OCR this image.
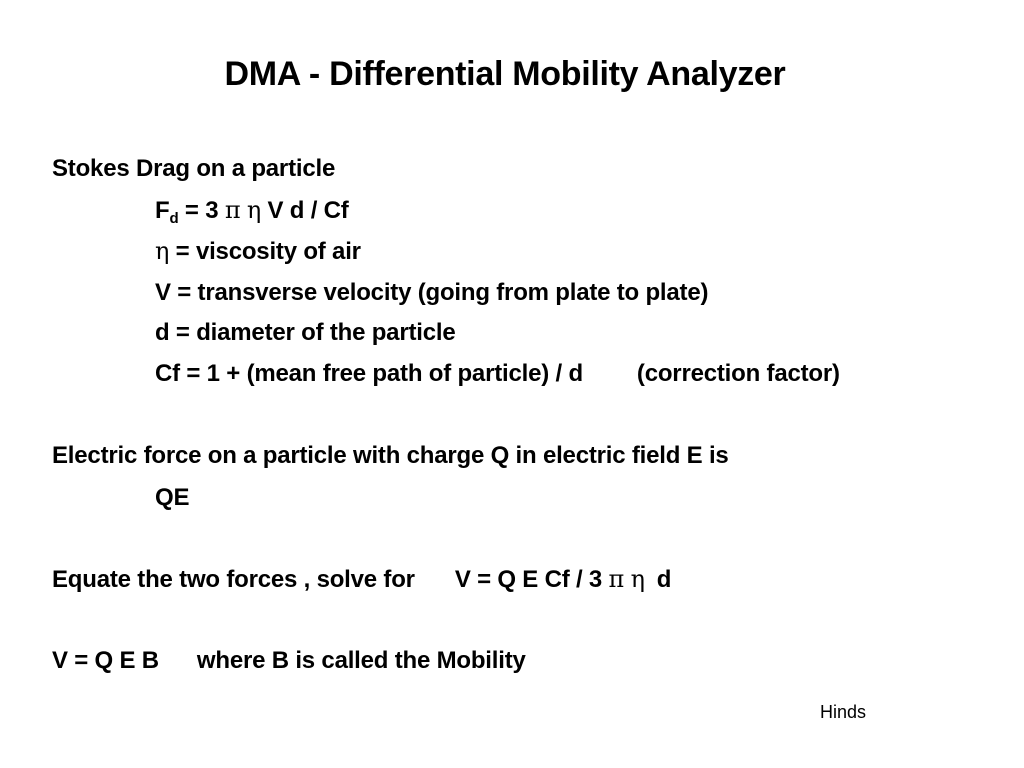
DMA - Differential Mobility Analyzer
Stokes Drag on a particle
$F_d = 3$ π η V d / Cf
η = viscosity of air
V = transverse velocity (going from plate to plate)
d = diameter of the particle
Cf = 1 + (mean free path of particle) / d (correction factor)
Electric force on a particle with charge Q in electric field E is
QE
Equate the two forces , solve for V = Q E Cf / 3 π η d
V = Q E B where B is called the Mobility
Hinds
